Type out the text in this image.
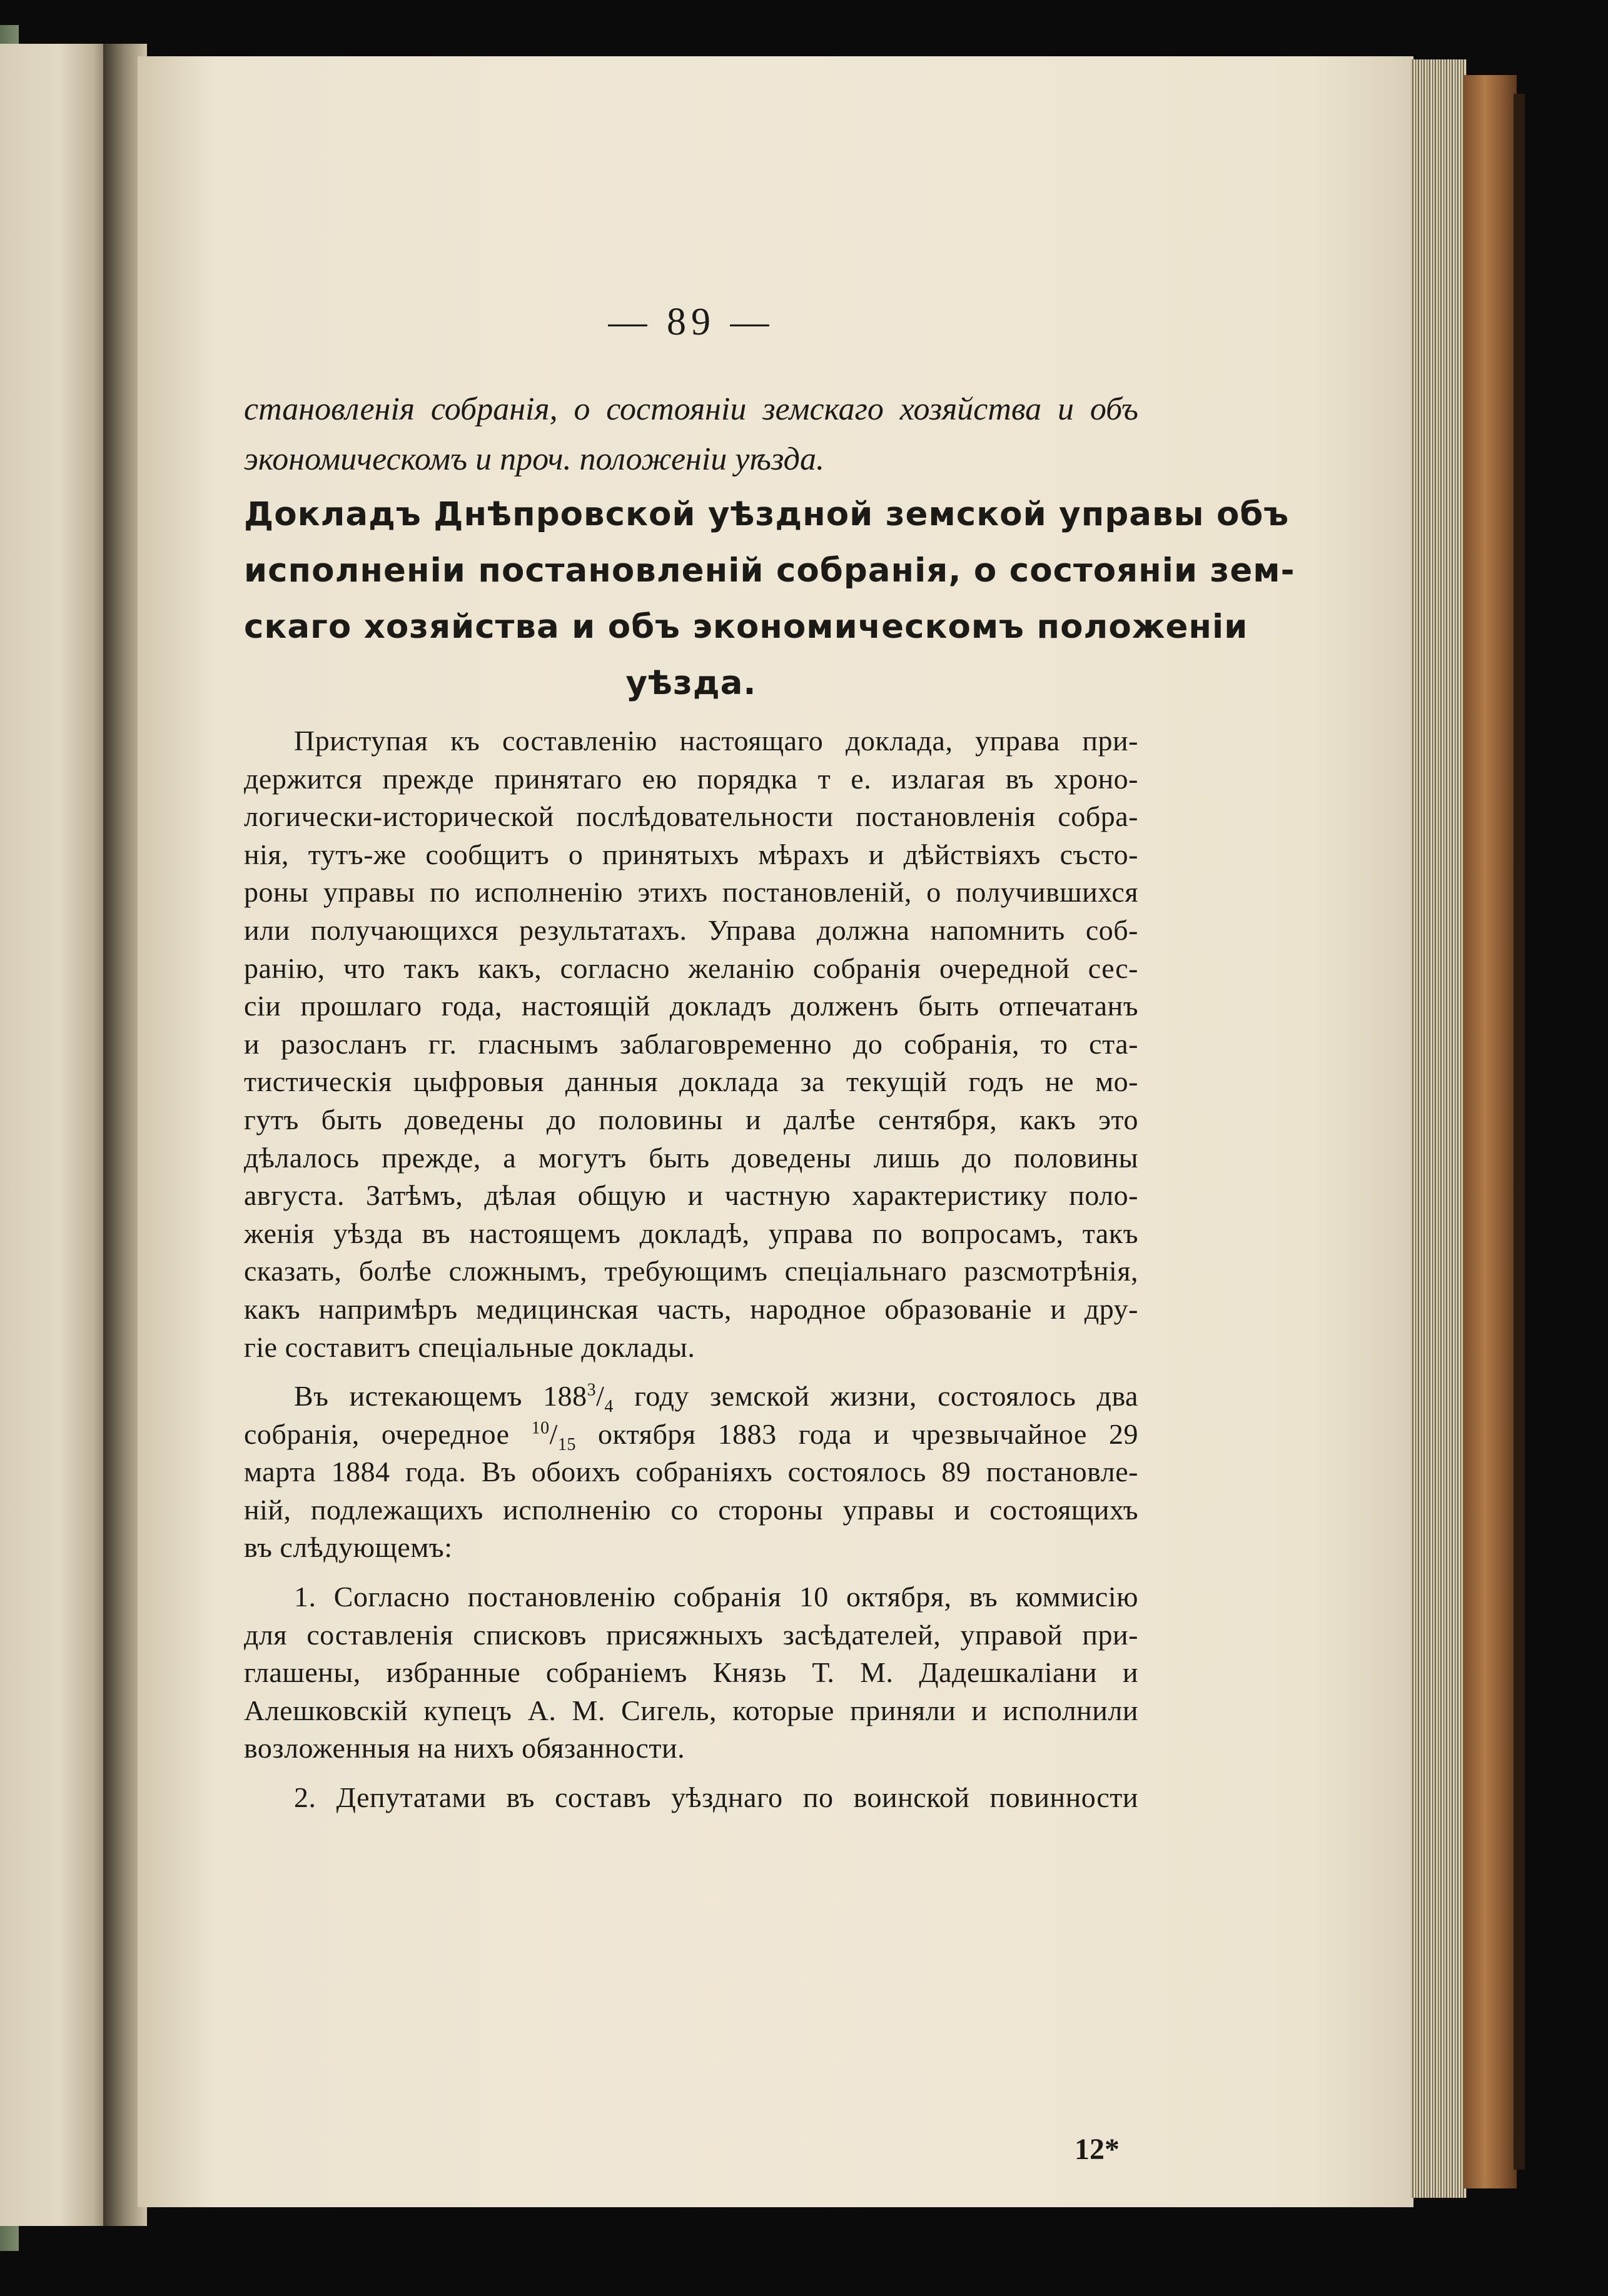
— 89 —
становленія собранія, о состояніи земскаго хозяйства и объ
экономическомъ и проч. положеніи уѣзда.
Докладъ Днѣпровской уѣздной земской управы объ
исполненіи постановленій собранія, о состояніи зем-
скаго хозяйства и объ экономическомъ положеніи
уѣзда.
Приступая къ составленію настоящаго доклада, управа при-
держится прежде принятаго ею порядка т е. излагая въ хроно-
логически-исторической послѣдовательности постановленія собра-
нія, тутъ-же сообщитъ о принятыхъ мѣрахъ и дѣйствіяхъ състо-
роны управы по исполненію этихъ постановленій, о получившихся
или получающихся результатахъ. Управа должна напомнить соб-
ранію, что такъ какъ, согласно желанію собранія очередной сес-
сіи прошлаго года, настоящій докладъ долженъ быть отпечатанъ
и разосланъ гг. гласнымъ заблаговременно до собранія, то ста-
тистическія цыфровыя данныя доклада за текущій годъ не мо-
гутъ быть доведены до половины и далѣе сентября, какъ это
дѣлалось прежде, а могутъ быть доведены лишь до половины
августа. Затѣмъ, дѣлая общую и частную характеристику поло-
женія уѣзда въ настоящемъ докладѣ, управа по вопросамъ, такъ
сказать, болѣе сложнымъ, требующимъ спеціальнаго разсмотрѣнія,
какъ напримѣръ медицинская часть, народное образованіе и дру-
гіе составитъ спеціальные доклады.
Въ истекающемъ $188^3/_4$ году земской жизни, состоялось два
собранія, очередное $^{10}/_{15}$ октября 1883 года и чрезвычайное 29
марта 1884 года. Въ обоихъ собраніяхъ состоялось 89 постановле-
ній, подлежащихъ исполненію со стороны управы и состоящихъ
въ слѣдующемъ:
1. Согласно постановленію собранія 10 октября, въ коммисію
для составленія списковъ присяжныхъ засѣдателей, управой при-
глашены, избранные собраніемъ Князь Т. М. Дадешкаліани и
Алешковскій купецъ А. М. Сигель, которые приняли и исполнили
возложенныя на нихъ обязанности.
2. Депутатами въ составъ уѣзднаго по воинской повинности
12*
